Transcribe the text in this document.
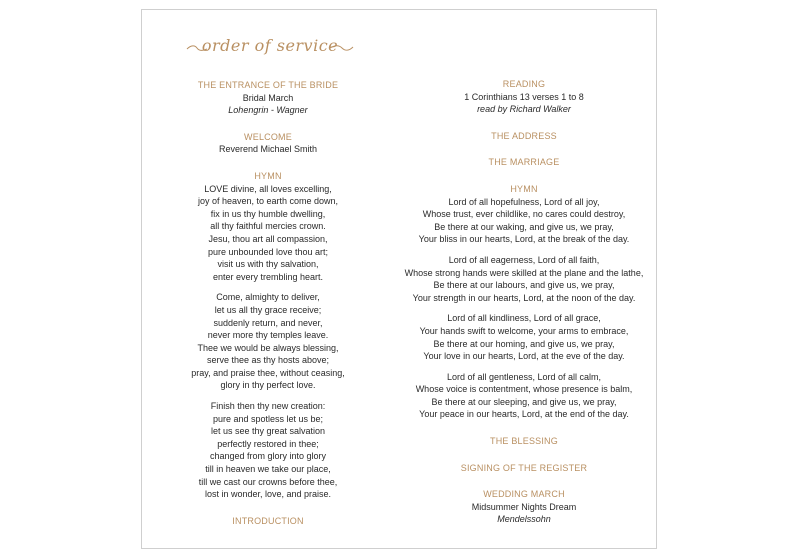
order of service
THE ENTRANCE OF THE BRIDE
Bridal March
Lohengrin - Wagner
WELCOME
Reverend Michael Smith
HYMN
LOVE divine, all loves excelling,
joy of heaven, to earth come down,
fix in us thy humble dwelling,
all thy faithful mercies crown.
Jesu, thou art all compassion,
pure unbounded love thou art;
visit us with thy salvation,
enter every trembling heart.
Come, almighty to deliver,
let us all thy grace receive;
suddenly return, and never,
never more thy temples leave.
Thee we would be always blessing,
serve thee as thy hosts above;
pray, and praise thee, without ceasing,
glory in thy perfect love.
Finish then thy new creation:
pure and spotless let us be;
let us see thy great salvation
perfectly restored in thee;
changed from glory into glory
till in heaven we take our place,
till we cast our crowns before thee,
lost in wonder, love, and praise.
INTRODUCTION
READING
1 Corinthians 13 verses 1 to 8
read by Richard Walker
THE ADDRESS
THE MARRIAGE
HYMN
Lord of all hopefulness, Lord of all joy,
Whose trust, ever childlike, no cares could destroy,
Be there at our waking, and give us, we pray,
Your bliss in our hearts, Lord, at the break of the day.
Lord of all eagerness, Lord of all faith,
Whose strong hands were skilled at the plane and the lathe,
Be there at our labours, and give us, we pray,
Your strength in our hearts, Lord, at the noon of the day.
Lord of all kindliness, Lord of all grace,
Your hands swift to welcome, your arms to embrace,
Be there at our homing, and give us, we pray,
Your love in our hearts, Lord, at the eve of the day.
Lord of all gentleness, Lord of all calm,
Whose voice is contentment, whose presence is balm,
Be there at our sleeping, and give us, we pray,
Your peace in our hearts, Lord, at the end of the day.
THE BLESSING
SIGNING OF THE REGISTER
WEDDING MARCH
Midsummer Nights Dream
Mendelssohn
